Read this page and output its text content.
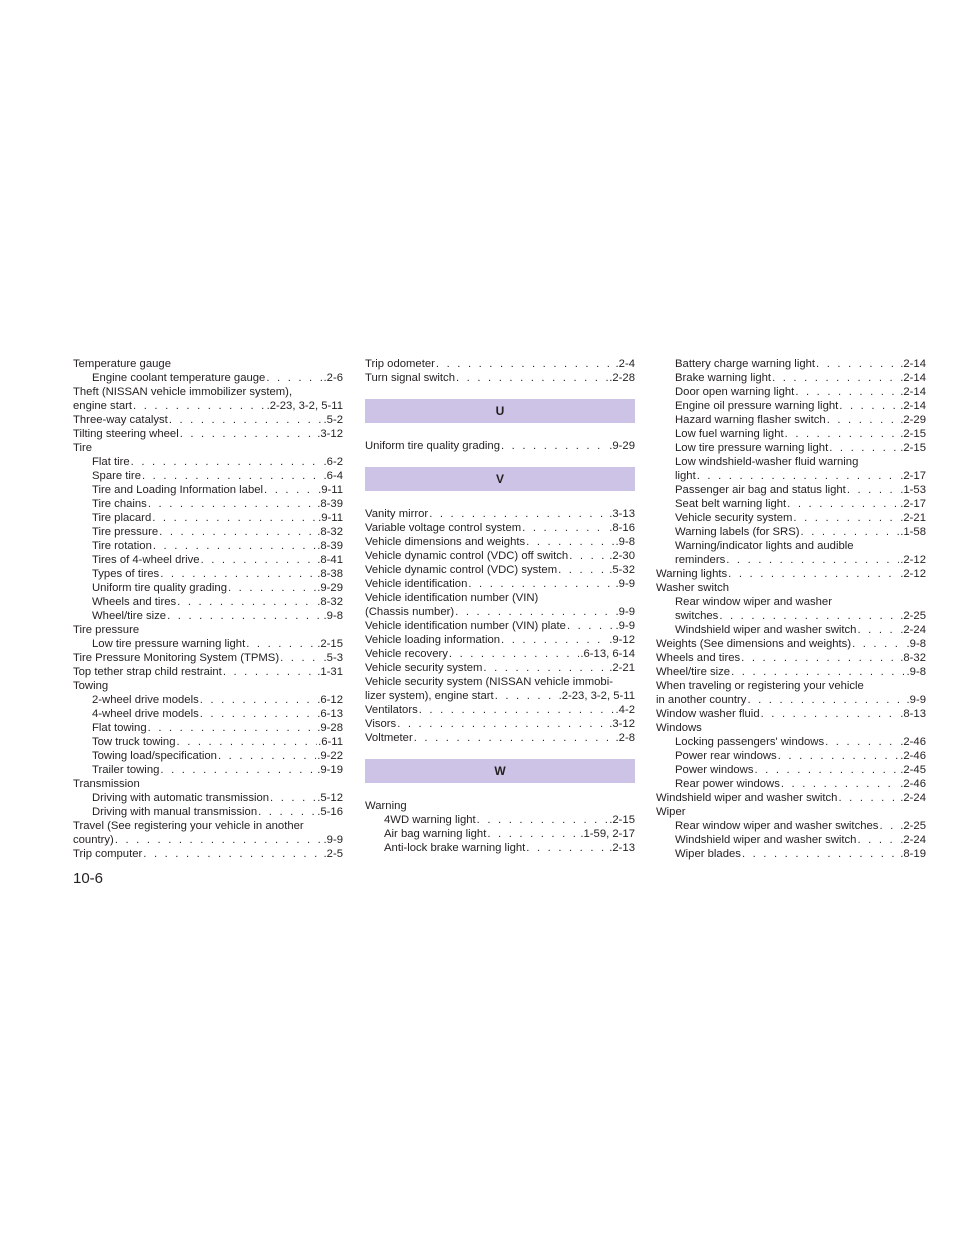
Temperature gauge
Engine coolant temperature gauge . . .	.2-6
Theft (NISSAN vehicle immobilizer system),
engine start . . .	.2-23, 3-2, 5-11
Three-way catalyst . . .	.5-2
Tilting steering wheel . . .	.3-12
Tire
Flat tire . . .	.6-2
Spare tire . . .	.6-4
Tire and Loading Information label . . .	.9-11
Tire chains . . .	.8-39
Tire placard . . .	.9-11
Tire pressure . . .	.8-32
Tire rotation . . .	.8-39
Tires of 4-wheel drive . . .	.8-41
Types of tires . . .	.8-38
Uniform tire quality grading . . .	.9-29
Wheels and tires . . .	.8-32
Wheel/tire size . . .	.9-8
Tire pressure
Low tire pressure warning light . . .	.2-15
Tire Pressure Monitoring System (TPMS) . . .	.5-3
Top tether strap child restraint . . .	.1-31
Towing
2-wheel drive models . . .	.6-12
4-wheel drive models . . .	.6-13
Flat towing . . .	.9-28
Tow truck towing . . .	.6-11
Towing load/specification . . .	.9-22
Trailer towing . . .	.9-19
Transmission
Driving with automatic transmission . . .	.5-12
Driving with manual transmission . . .	.5-16
Travel (See registering your vehicle in another
country) . . .	.9-9
Trip computer . . .	.2-5
Trip odometer . . .	.2-4
Turn signal switch . . .	.2-28
U
Uniform tire quality grading . . .	.9-29
V
Vanity mirror . . .	.3-13
Variable voltage control system . . .	.8-16
Vehicle dimensions and weights . . .	.9-8
Vehicle dynamic control (VDC) off switch . . .	.2-30
Vehicle dynamic control (VDC) system . . .	.5-32
Vehicle identification . . .	.9-9
Vehicle identification number (VIN)
(Chassis number) . . .	.9-9
Vehicle identification number (VIN) plate . . .	.9-9
Vehicle loading information . . .	.9-12
Vehicle recovery . . .	.6-13, 6-14
Vehicle security system . . .	.2-21
Vehicle security system (NISSAN vehicle immobi-
lizer system), engine start . . .	.2-23, 3-2, 5-11
Ventilators . . .	.4-2
Visors . . .	.3-12
Voltmeter . . .	.2-8
W
Warning
4WD warning light . . .	.2-15
Air bag warning light . . .	.1-59, 2-17
Anti-lock brake warning light . . .	.2-13
Battery charge warning light . . .	.2-14
Brake warning light . . .	.2-14
Door open warning light . . .	.2-14
Engine oil pressure warning light . . .	.2-14
Hazard warning flasher switch . . .	.2-29
Low fuel warning light . . .	.2-15
Low tire pressure warning light . . .	.2-15
Low windshield-washer fluid warning
light . . .	.2-17
Passenger air bag and status light . . .	.1-53
Seat belt warning light . . .	.2-17
Vehicle security system . . .	.2-21
Warning labels (for SRS) . . .	.1-58
Warning/indicator lights and audible
reminders . . .	.2-12
Warning lights . . .	.2-12
Washer switch
Rear window wiper and washer
switches . . .	.2-25
Windshield wiper and washer switch . . .	.2-24
Weights (See dimensions and weights) . . .	.9-8
Wheels and tires . . .	.8-32
Wheel/tire size . . .	.9-8
When traveling or registering your vehicle
in another country . . .	.9-9
Window washer fluid . . .	.8-13
Windows
Locking passengers' windows . . .	.2-46
Power rear windows . . .	.2-46
Power windows . . .	.2-45
Rear power windows . . .	.2-46
Windshield wiper and washer switch . . .	.2-24
Wiper
Rear window wiper and washer switches . . . .2-25
Windshield wiper and washer switch . . .	.2-24
Wiper blades . . .	.8-19
10-6
